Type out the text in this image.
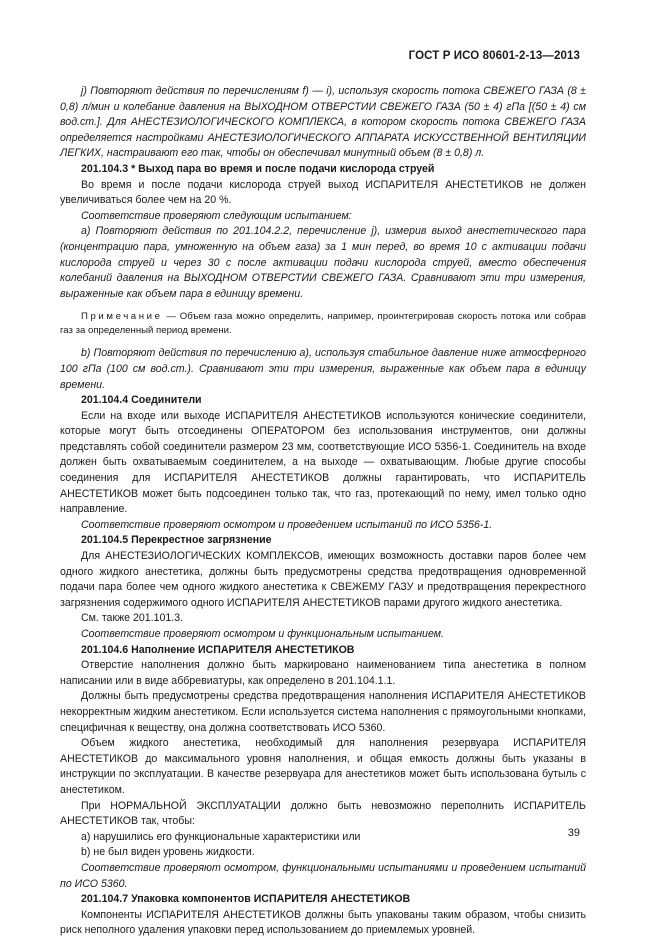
ГОСТ Р ИСО 80601-2-13—2013

j) Повторяют действия по перечислениям f) — i), используя скорость потока СВЕЖЕГО ГАЗА (8 ± 0,8) л/мин и колебание давления на ВЫХОДНОМ ОТВЕРСТИИ СВЕЖЕГО ГАЗА (50 ± 4) гПа [(50 ± 4) см вод.ст.]. Для АНЕСТЕЗИОЛОГИЧЕСКОГО КОМПЛЕКСА, в котором скорость потока СВЕЖЕГО ГАЗА определяется настройками АНЕСТЕЗИОЛОГИЧЕСКОГО АППАРАТА ИСКУССТВЕННОЙ ВЕНТИЛЯЦИИ ЛЕГКИХ, настраивают его так, чтобы он обеспечивал минутный объем (8 ± 0,8) л.

201.104.3 * Выход пара во время и после подачи кислорода струей

Во время и после подачи кислорода струей выход ИСПАРИТЕЛЯ АНЕСТЕТИКОВ не должен увеличиваться более чем на 20 %.

Соответствие проверяют следующим испытанием:

a) Повторяют действия по 201.104.2.2, перечисление j), измерив выход анестетического пара (концентрацию пара, умноженную на объем газа) за 1 мин перед, во время 10 с активации подачи кислорода струей и через 30 с после активации подачи кислорода струей, вместо обеспечения колебаний давления на ВЫХОДНОМ ОТВЕРСТИИ СВЕЖЕГО ГАЗА. Сравнивают эти три измерения, выраженные как объем пара в единицу времени.

Примечание — Объем газа можно определить, например, проинтегрировав скорость потока или собрав газ за определенный период времени.

b) Повторяют действия по перечислению a), используя стабильное давление ниже атмосферного 100 гПа (100 см вод.ст.). Сравнивают эти три измерения, выраженные как объем пара в единицу времени.

201.104.4 Соединители

Если на входе или выходе ИСПАРИТЕЛЯ АНЕСТЕТИКОВ используются конические соединители, которые могут быть отсоединены ОПЕРАТОРОМ без использования инструментов, они должны представлять собой соединители размером 23 мм, соответствующие ИСО 5356-1. Соединитель на входе должен быть охватываемым соединителем, а на выходе — охватывающим. Любые другие способы соединения для ИСПАРИТЕЛЯ АНЕСТЕТИКОВ должны гарантировать, что ИСПАРИТЕЛЬ АНЕСТЕТИКОВ может быть подсоединен только так, что газ, протекающий по нему, имел только одно направление.

Соответствие проверяют осмотром и проведением испытаний по ИСО 5356-1.

201.104.5 Перекрестное загрязнение

Для АНЕСТЕЗИОЛОГИЧЕСКИХ КОМПЛЕКСОВ, имеющих возможность доставки паров более чем одного жидкого анестетика, должны быть предусмотрены средства предотвращения одновременной подачи пара более чем одного жидкого анестетика к СВЕЖЕМУ ГАЗУ и предотвращения перекрестного загрязнения содержимого одного ИСПАРИТЕЛЯ АНЕСТЕТИКОВ парами другого жидкого анестетика.

См. также 201.101.3.

Соответствие проверяют осмотром и функциональным испытанием.

201.104.6 Наполнение ИСПАРИТЕЛЯ АНЕСТЕТИКОВ

Отверстие наполнения должно быть маркировано наименованием типа анестетика в полном написании или в виде аббревиатуры, как определено в 201.104.1.1.

Должны быть предусмотрены средства предотвращения наполнения ИСПАРИТЕЛЯ АНЕСТЕТИКОВ некорректным жидким анестетиком. Если используется система наполнения с прямоугольными кнопками, специфичная к веществу, она должна соответствовать ИСО 5360.

Объем жидкого анестетика, необходимый для наполнения резервуара ИСПАРИТЕЛЯ АНЕСТЕТИКОВ до максимального уровня наполнения, и общая емкость должны быть указаны в инструкции по эксплуатации. В качестве резервуара для анестетиков может быть использована бутыль с анестетиком.

При НОРМАЛЬНОЙ ЭКСПЛУАТАЦИИ должно быть невозможно переполнить ИСПАРИТЕЛЬ АНЕСТЕТИКОВ так, чтобы:

a) нарушились его функциональные характеристики или

b) не был виден уровень жидкости.

Соответствие проверяют осмотром, функциональными испытаниями и проведением испытаний по ИСО 5360.

201.104.7 Упаковка компонентов ИСПАРИТЕЛЯ АНЕСТЕТИКОВ

Компоненты ИСПАРИТЕЛЯ АНЕСТЕТИКОВ должны быть упакованы таким образом, чтобы снизить риск неполного удаления упаковки перед использованием до приемлемых уровней.

39
